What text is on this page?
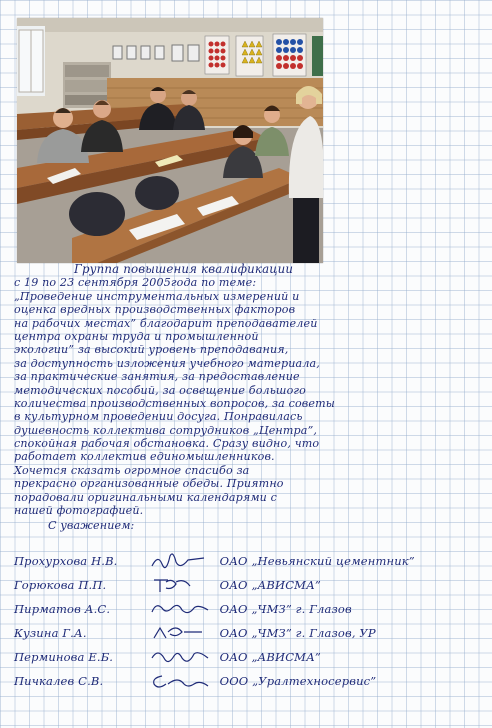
Группа повышения квалификации
с 19 по 23 сентября 2005года по теме:
„Проведение инструментальных измерений и
оценка вредных производственных факторов
на рабочих местах” благодарит преподавателей
центра охраны труда и промышленной
экологии” за высокий уровень преподавания,
за доступность изложения учебного материала,
за практические занятия, за предоставление
методических пособий, за освещение большого
количества производственных вопросов, за советы
в культурном проведении досуга. Понравилась
душевность коллектива сотрудников „Центра”,
спокойная рабочая обстановка. Сразу видно, что
работает коллектив единомышленников.
Хочется сказать огромное спасибо за
прекрасно организованные обеды. Приятно
порадовали оригинальными календарями с
нашей фотографией.
С уважением:
Прохурхова Н.В.	ОАО „Невьянский цементник”
Горюкова П.П.	ОАО „АВИСМА”
Пирматов А.С.	ОАО „ЧМЗ” г. Глазов
Кузина Г.А.	ОАО „ЧМЗ” г. Глазов, УР
Перминова Е.Б.	ОАО „АВИСМА”
Пичкалев С.В.	ООО „Уралтехносервис”
